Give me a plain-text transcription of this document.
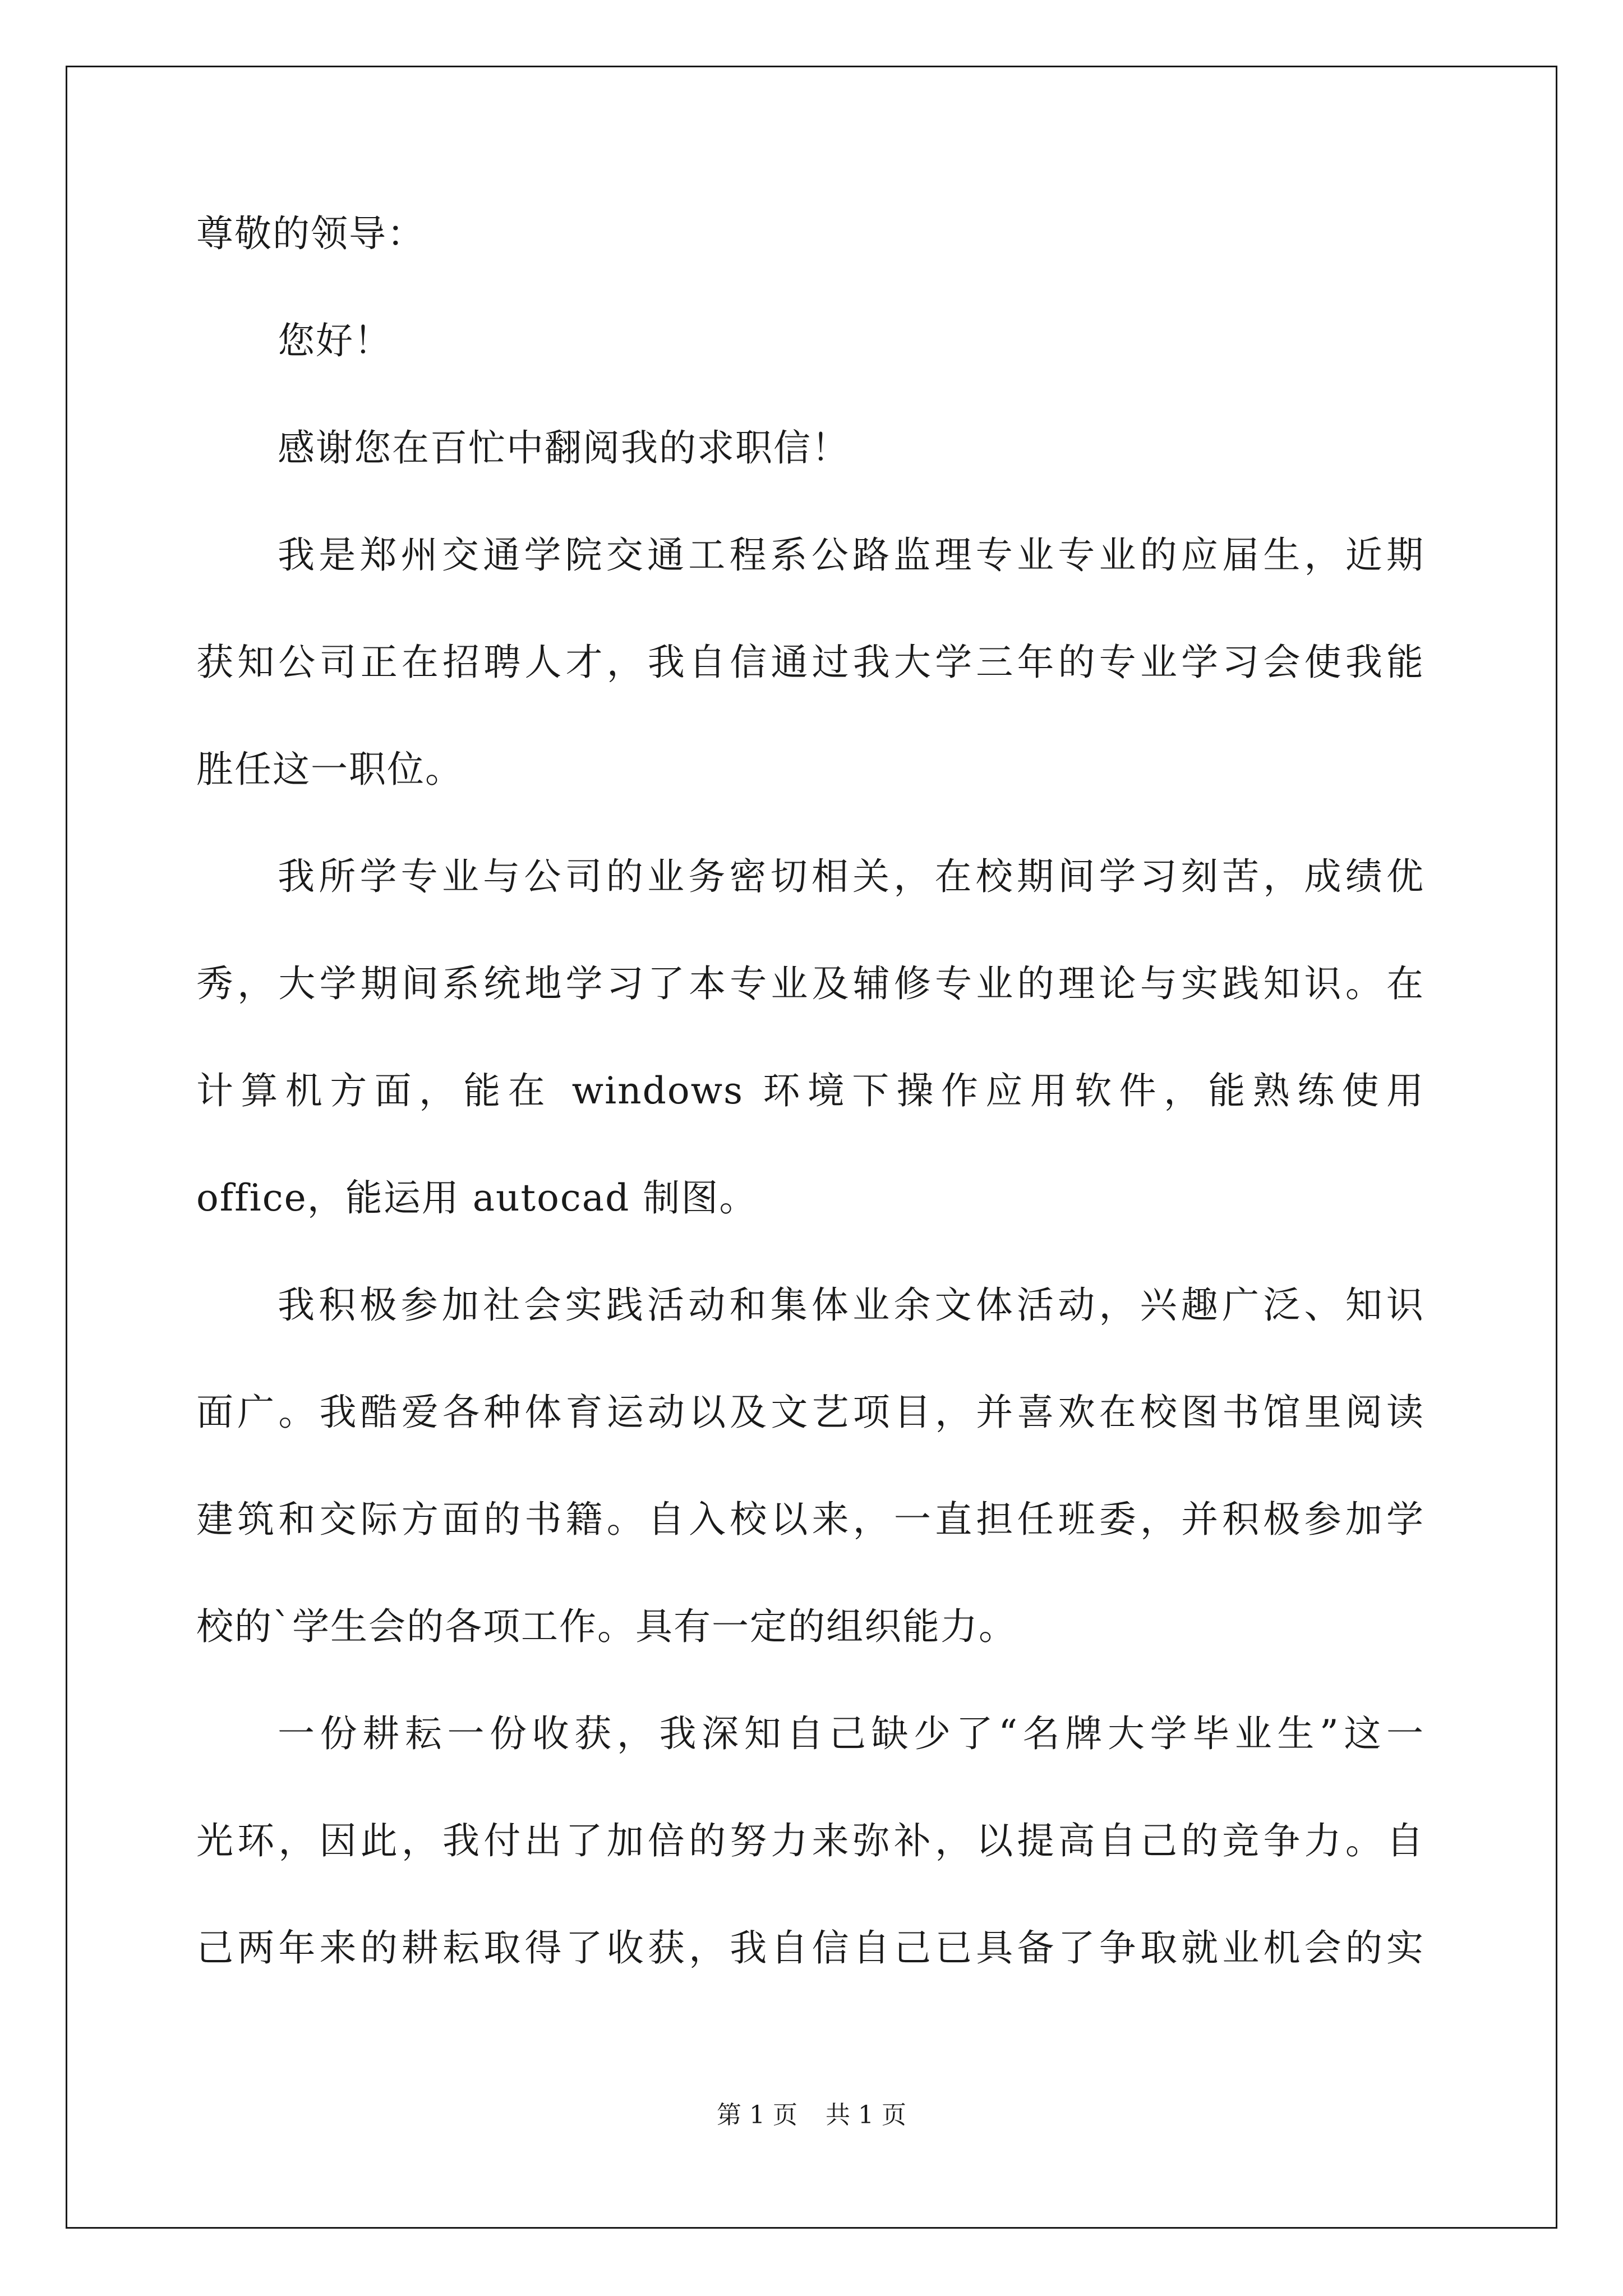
尊敬的领导：
您好！
感谢您在百忙中翻阅我的求职信！
我是郑州交通学院交通工程系公路监理专业专业的应届生，近期
获知公司正在招聘人才，我自信通过我大学三年的专业学习会使我能
胜任这一职位。
我所学专业与公司的业务密切相关，在校期间学习刻苦，成绩优
秀，大学期间系统地学习了本专业及辅修专业的理论与实践知识。在
计算机方面，能在 windows 环境下操作应用软件，能熟练使用
office，能运用 autocad 制图。
我积极参加社会实践活动和集体业余文体活动，兴趣广泛、知识
面广。我酷爱各种体育运动以及文艺项目，并喜欢在校图书馆里阅读
建筑和交际方面的书籍。自入校以来，一直担任班委，并积极参加学
校的`学生会的各项工作。具有一定的组织能力。
一份耕耘一份收获，我深知自己缺少了“名牌大学毕业生”这一
光环，因此，我付出了加倍的努力来弥补，以提高自己的竞争力。自
己两年来的耕耘取得了收获，我自信自己已具备了争取就业机会的实
第 1 页 共 1 页
